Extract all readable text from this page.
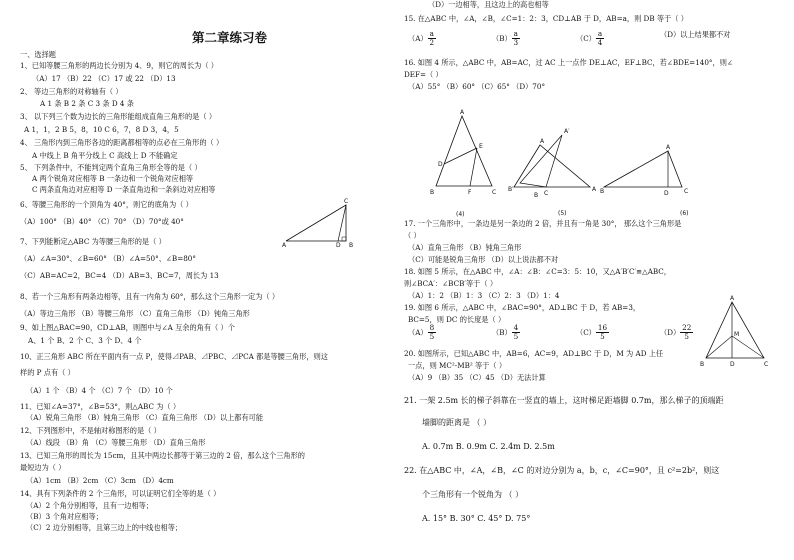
第二章练习卷
一、选择题
1、已知等腰三角形的两边长分别为 4、9，则它的周长为（ ）
（A）17 （B）22 （C）17 或 22 （D）13
2、 等边三角形的对称轴有（ ）
A 1 条 B 2 条 C 3 条 D 4 条
3、 以下列三个数为边长的三角形能组成直角三角形的是（ ）
A 1，1，2 B 5，8，10 C 6，7，8 D 3，4，5
4、 三角形内到三角形各边的距离都相等的点必在三角形的（ ）
A 中线上 B 角平分线上 C 高线上 D 不能确定
5、 下列条件中，不能判定两个直角三角形全等的是（ ）
A 两个锐角对应相等 B 一条边和一个锐角对应相等
C 两条直角边对应相等 D 一条直角边和一条斜边对应相等
6、等腰三角形的一个顶角为 40°，则它的底角为（ ）
（A）100° （B）40° （C）70° （D）70°或 40°
7、下列能断定△ABC 为等腰三角形的是（ ）
（A）∠A=30°、∠B=60° （B）∠A=50°、∠B=80°
（C）AB=AC=2，BC=4 （D）AB=3、BC=7，周长为 13
8、若一个三角形有两条边相等，且有一内角为 60°，那么这个三角形一定为（ ）
（A）等边三角形 （B）等腰三角形 （C）直角三角形 （D）钝角三角形
9、如上图△BAC=90，CD⊥AB，则图中与∠A 互余的角有（ ）个
A、1 个 B、2 个 C、3 个 D、4 个
10、正三角形 ABC 所在平面内有一点 P，使得⊿PAB、⊿PBC、⊿PCA 都是等腰三角形，则这
样的 P 点有（ ）
（A）1 个 （B）4 个 （C）7 个 （D）10 个
11、已知∠A=37°，∠B=53°，则△ABC 为（ ）
（A）锐角三角形 （B）钝角三角形 （C）直角三角形 （D）以上都有可能
12、下列图形中，不是轴对称图形的是（ ）
（A）线段 （B）角 （C）等腰三角形 （D）直角三角形
13、已知三角形的周长为 15cm，且其中两边长都等于第三边的 2 倍，那么这个三角形的
最短边为（ ）
（A）1cm （B）2cm （C）3cm （D）4cm
14、具有下列条件的 2 个三角形，可以证明它们全等的是（ ）
（A）2 个角分别相等，且有一边相等；
（B）3 个角对应相等；
（C）2 边分别相等，且第三边上的中线也相等；
A	B
C
D
（D）一边相等，且这边上的高也相等
15. 在△ABC 中，∠A，∠B，∠C=1：2：3，CD⊥AB 于 D，AB=a，则 DB 等于（ ）
16. 如图 4 所示，△ABC 中，AB=AC，过 AC 上一点作 DE⊥AC，EF⊥BC，若∠BDE=140°，则∠
DEF=（ ）
（A）55° （B）60° （C）65° （D）70°
17. 一个三角形中，一条边是另一条边的 2 倍，并且有一角是 30°， 那么这个三角形是
（ ）
（A）直角三角形 （B）钝角三角形
（C）可能是锐角三角形 （D）以上说法都不对
18. 如图 5 所示，在△ABC 中，∠A：∠B：∠C=3：5：10，又△A′B′C′≌△ABC，
则∠BCA′：∠BCB′等于（ ）
（A）1：2 （B）1：3 （C）2：3 （D）1：4
19. 如图 6 所示，△ABC 中，∠BAC=90°，AD⊥BC 于 D，若 AB=3，
BC=5，则 DC 的长度是（ ）
20. 如图所示，已知△ABC 中，AB=6，AC=9，AD⊥BC 于 D，M 为 AD 上任
一点，则 MC²-MB² 等于（ ）
（A）9 （B）35 （C）45 （D）无法计算
$(A) \frac{a}{2}$	$(B) \frac{a}{3}$	$(C) \frac{a}{4}$	（D）以上结果都不对
A
B	C
D
E
F
(4)
A
B′
C
A
A′
B
(5)
A
B	C
D
(6)
$(A) \frac{8}{5}$	$(B) \frac{4}{5}$	$(C) \frac{16}{5}$	$(D) \frac{22}{5}$
A
B	C
D
M
21. 一架 2.5m 长的梯子斜靠在一竖直的墙上，这时梯足距墙脚 0.7m，那么梯子的顶端距
墙脚的距离是 （ ）
A. 0.7m B. 0.9m C. 2.4m D. 2.5m
22. 在△ABC 中，∠A，∠B，∠C 的对边分别为 a，b，c，∠C=90°，且 c²=2b²，则这
个三角形有一个锐角为 （ ）
A. 15° B. 30° C. 45° D. 75°
